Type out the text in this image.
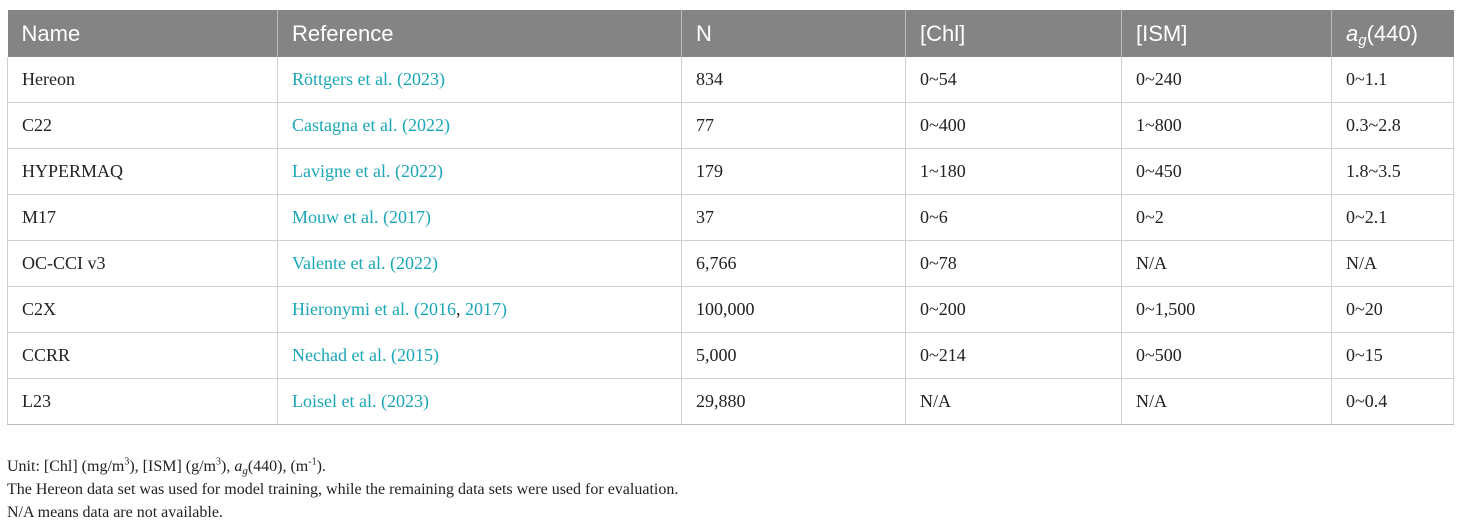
Name	Reference	N	[Chl]	[ISM]	$a_g(440)$
Hereon	Röttgers et al. (2023)	834	0~54	0~240	0~1.1
C22	Castagna et al. (2022)	77	0~400	1~800	0.3~2.8
HYPERMAQ	Lavigne et al. (2022)	179	1~180	0~450	1.8~3.5
M17	Mouw et al. (2017)	37	0~6	0~2	0~2.1
OC-CCI v3	Valente et al. (2022)	6,766	0~78	N/A	N/A
C2X	Hieronymi et al. (2016, 2017)	100,000	0~200	0~1,500	0~20
CCRR	Nechad et al. (2015)	5,000	0~214	0~500	0~15
L23	Loisel et al. (2023)	29,880	N/A	N/A	0~0.4
Unit: [Chl] $(mg/m^3)$, [ISM] $(g/m^3)$, $a_g(440)$, $(m^{-1})$.
The Hereon data set was used for model training, while the remaining data sets were used for evaluation.
N/A means data are not available.
